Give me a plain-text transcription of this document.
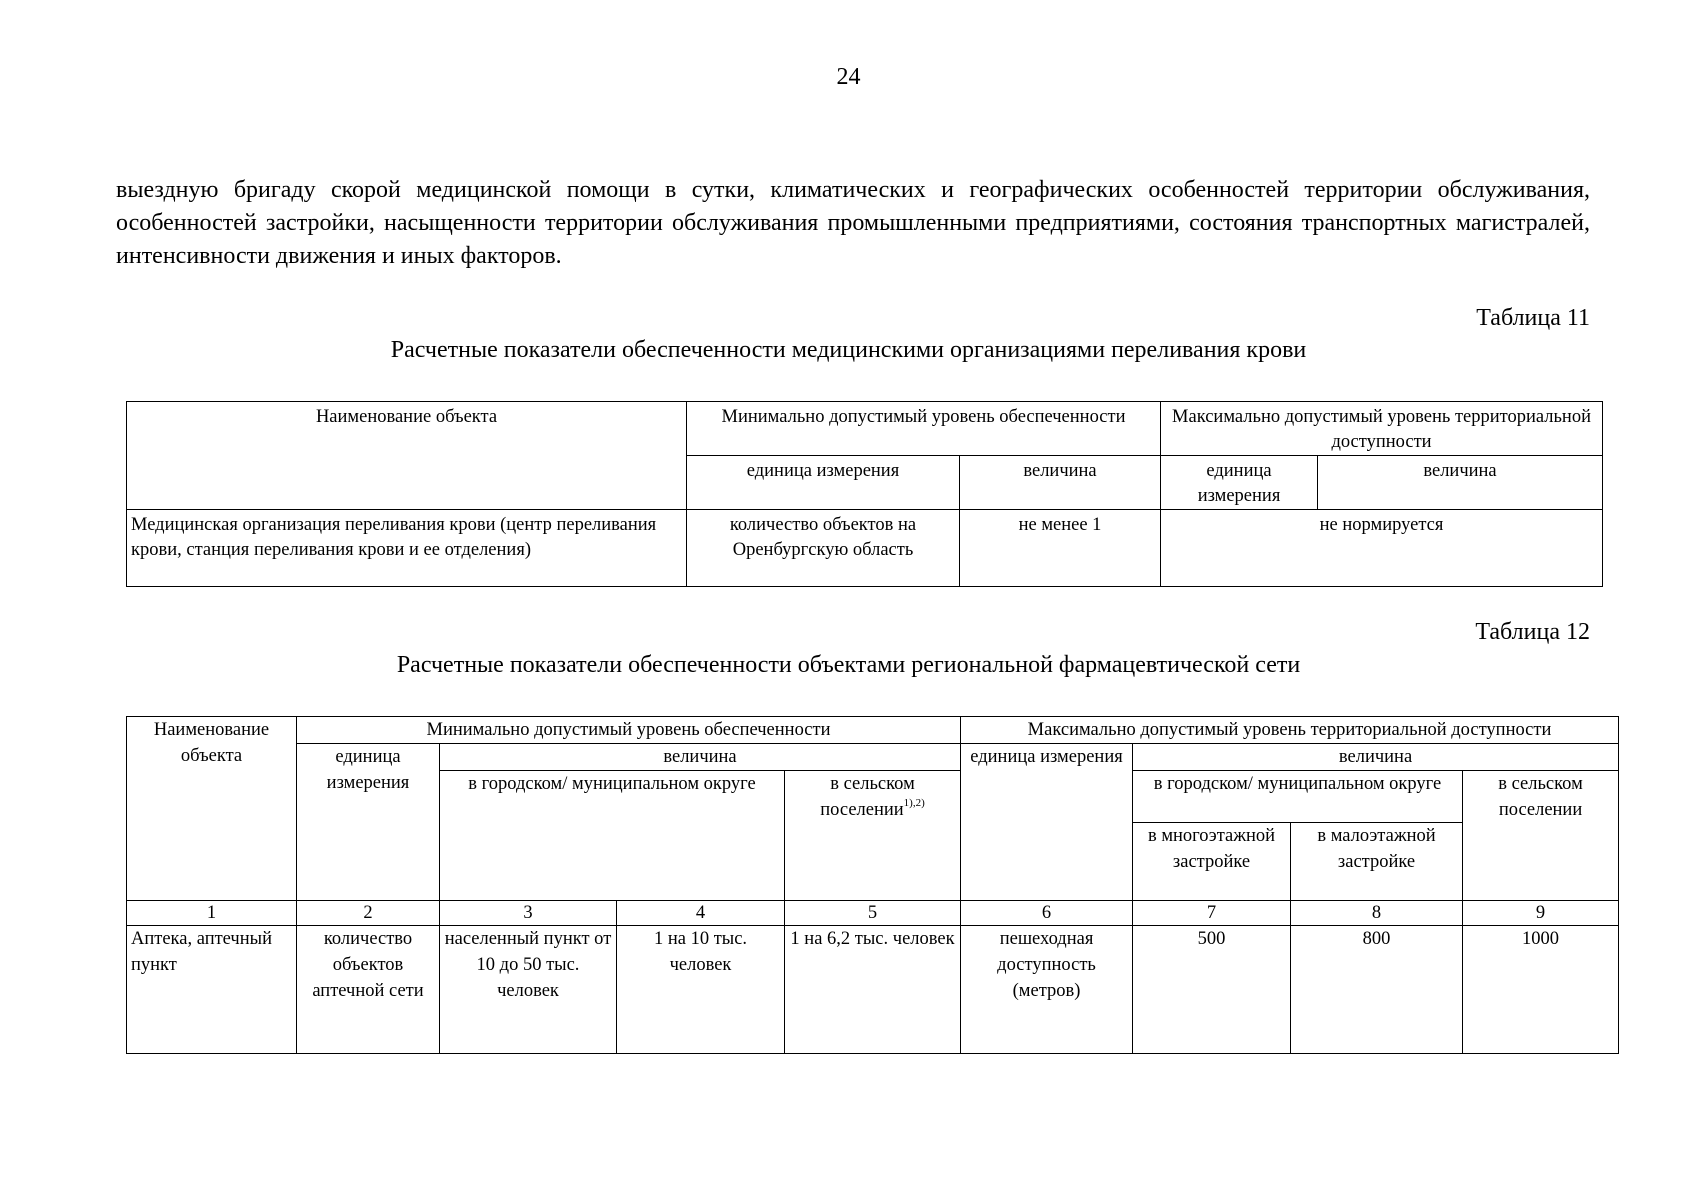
24

выездную бригаду скорой медицинской помощи в сутки, климатических и географических особенностей территории обслуживания, особенностей застройки, насыщенности территории обслуживания промышленными предприятиями, состояния транспортных магистралей, интенсивности движения и иных факторов.

Таблица 11
Расчетные показатели обеспеченности медицинскими организациями переливания крови
Наименование объекта	Минимально допустимый уровень обеспеченности		Максимально допустимый уровень территориальной доступности	
	единица измерения	величина	единица измерения	величина
Медицинская организация переливания крови (центр переливания крови, станция переливания крови и ее отделения)	количество объектов на Оренбургскую область	не менее 1	не нормируется	
Таблица 12
Расчетные показатели обеспеченности объектами региональной фармацевтической сети
Наименование объекта	Минимально допустимый уровень обеспеченности				Максимально допустимый уровень территориальной доступности			
	единица измерения	величина			единица измерения	величина		
		в городском/ муниципальном округе		в сельском поселении$^{1),2)}$		в городском/ муниципальном округе		в сельском поселении
						в многоэтажной застройке	в малоэтажной застройке	
1	2	3	4	5	6	7	8	9
Аптека, аптечный пункт	количество объектов аптечной сети	населенный пункт от 10 до 50 тыс. человек	1 на 10 тыс. человек	1 на 6,2 тыс. человек	пешеходная доступность (метров)	500	800	1000
